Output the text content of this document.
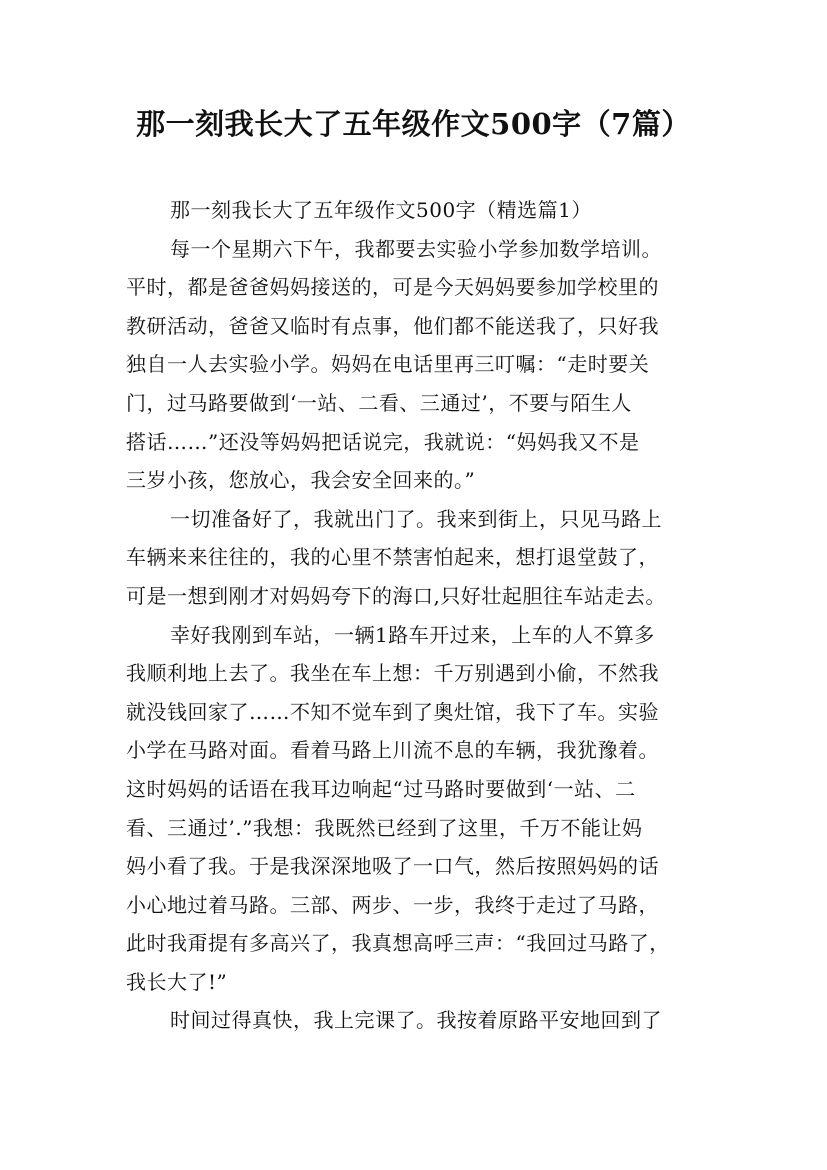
那一刻我长大了五年级作文500字（7篇）
那一刻我长大了五年级作文500字（精选篇1）
每一个星期六下午，我都要去实验小学参加数学培训。
平时，都是爸爸妈妈接送的，可是今天妈妈要参加学校里的
教研活动，爸爸又临时有点事，他们都不能送我了，只好我
独自一人去实验小学。妈妈在电话里再三叮嘱：“走时要关
门，过马路要做到‘一站、二看、三通过’，不要与陌生人
搭话……”还没等妈妈把话说完，我就说：“妈妈我又不是
三岁小孩，您放心，我会安全回来的。”
一切准备好了，我就出门了。我来到街上，只见马路上
车辆来来往往的，我的心里不禁害怕起来，想打退堂鼓了，
可是一想到刚才对妈妈夸下的海口,只好壮起胆往车站走去。
幸好我刚到车站，一辆1路车开过来，上车的人不算多
我顺利地上去了。我坐在车上想：千万别遇到小偷，不然我
就没钱回家了……不知不觉车到了奥灶馆，我下了车。实验
小学在马路对面。看着马路上川流不息的车辆，我犹豫着。
这时妈妈的话语在我耳边响起“过马路时要做到‘一站、二
看、三通过’.”我想：我既然已经到了这里，千万不能让妈
妈小看了我。于是我深深地吸了一口气，然后按照妈妈的话
小心地过着马路。三部、两步、一步，我终于走过了马路，
此时我甭提有多高兴了，我真想高呼三声：“我回过马路了，
我长大了!”
时间过得真快，我上完课了。我按着原路平安地回到了
